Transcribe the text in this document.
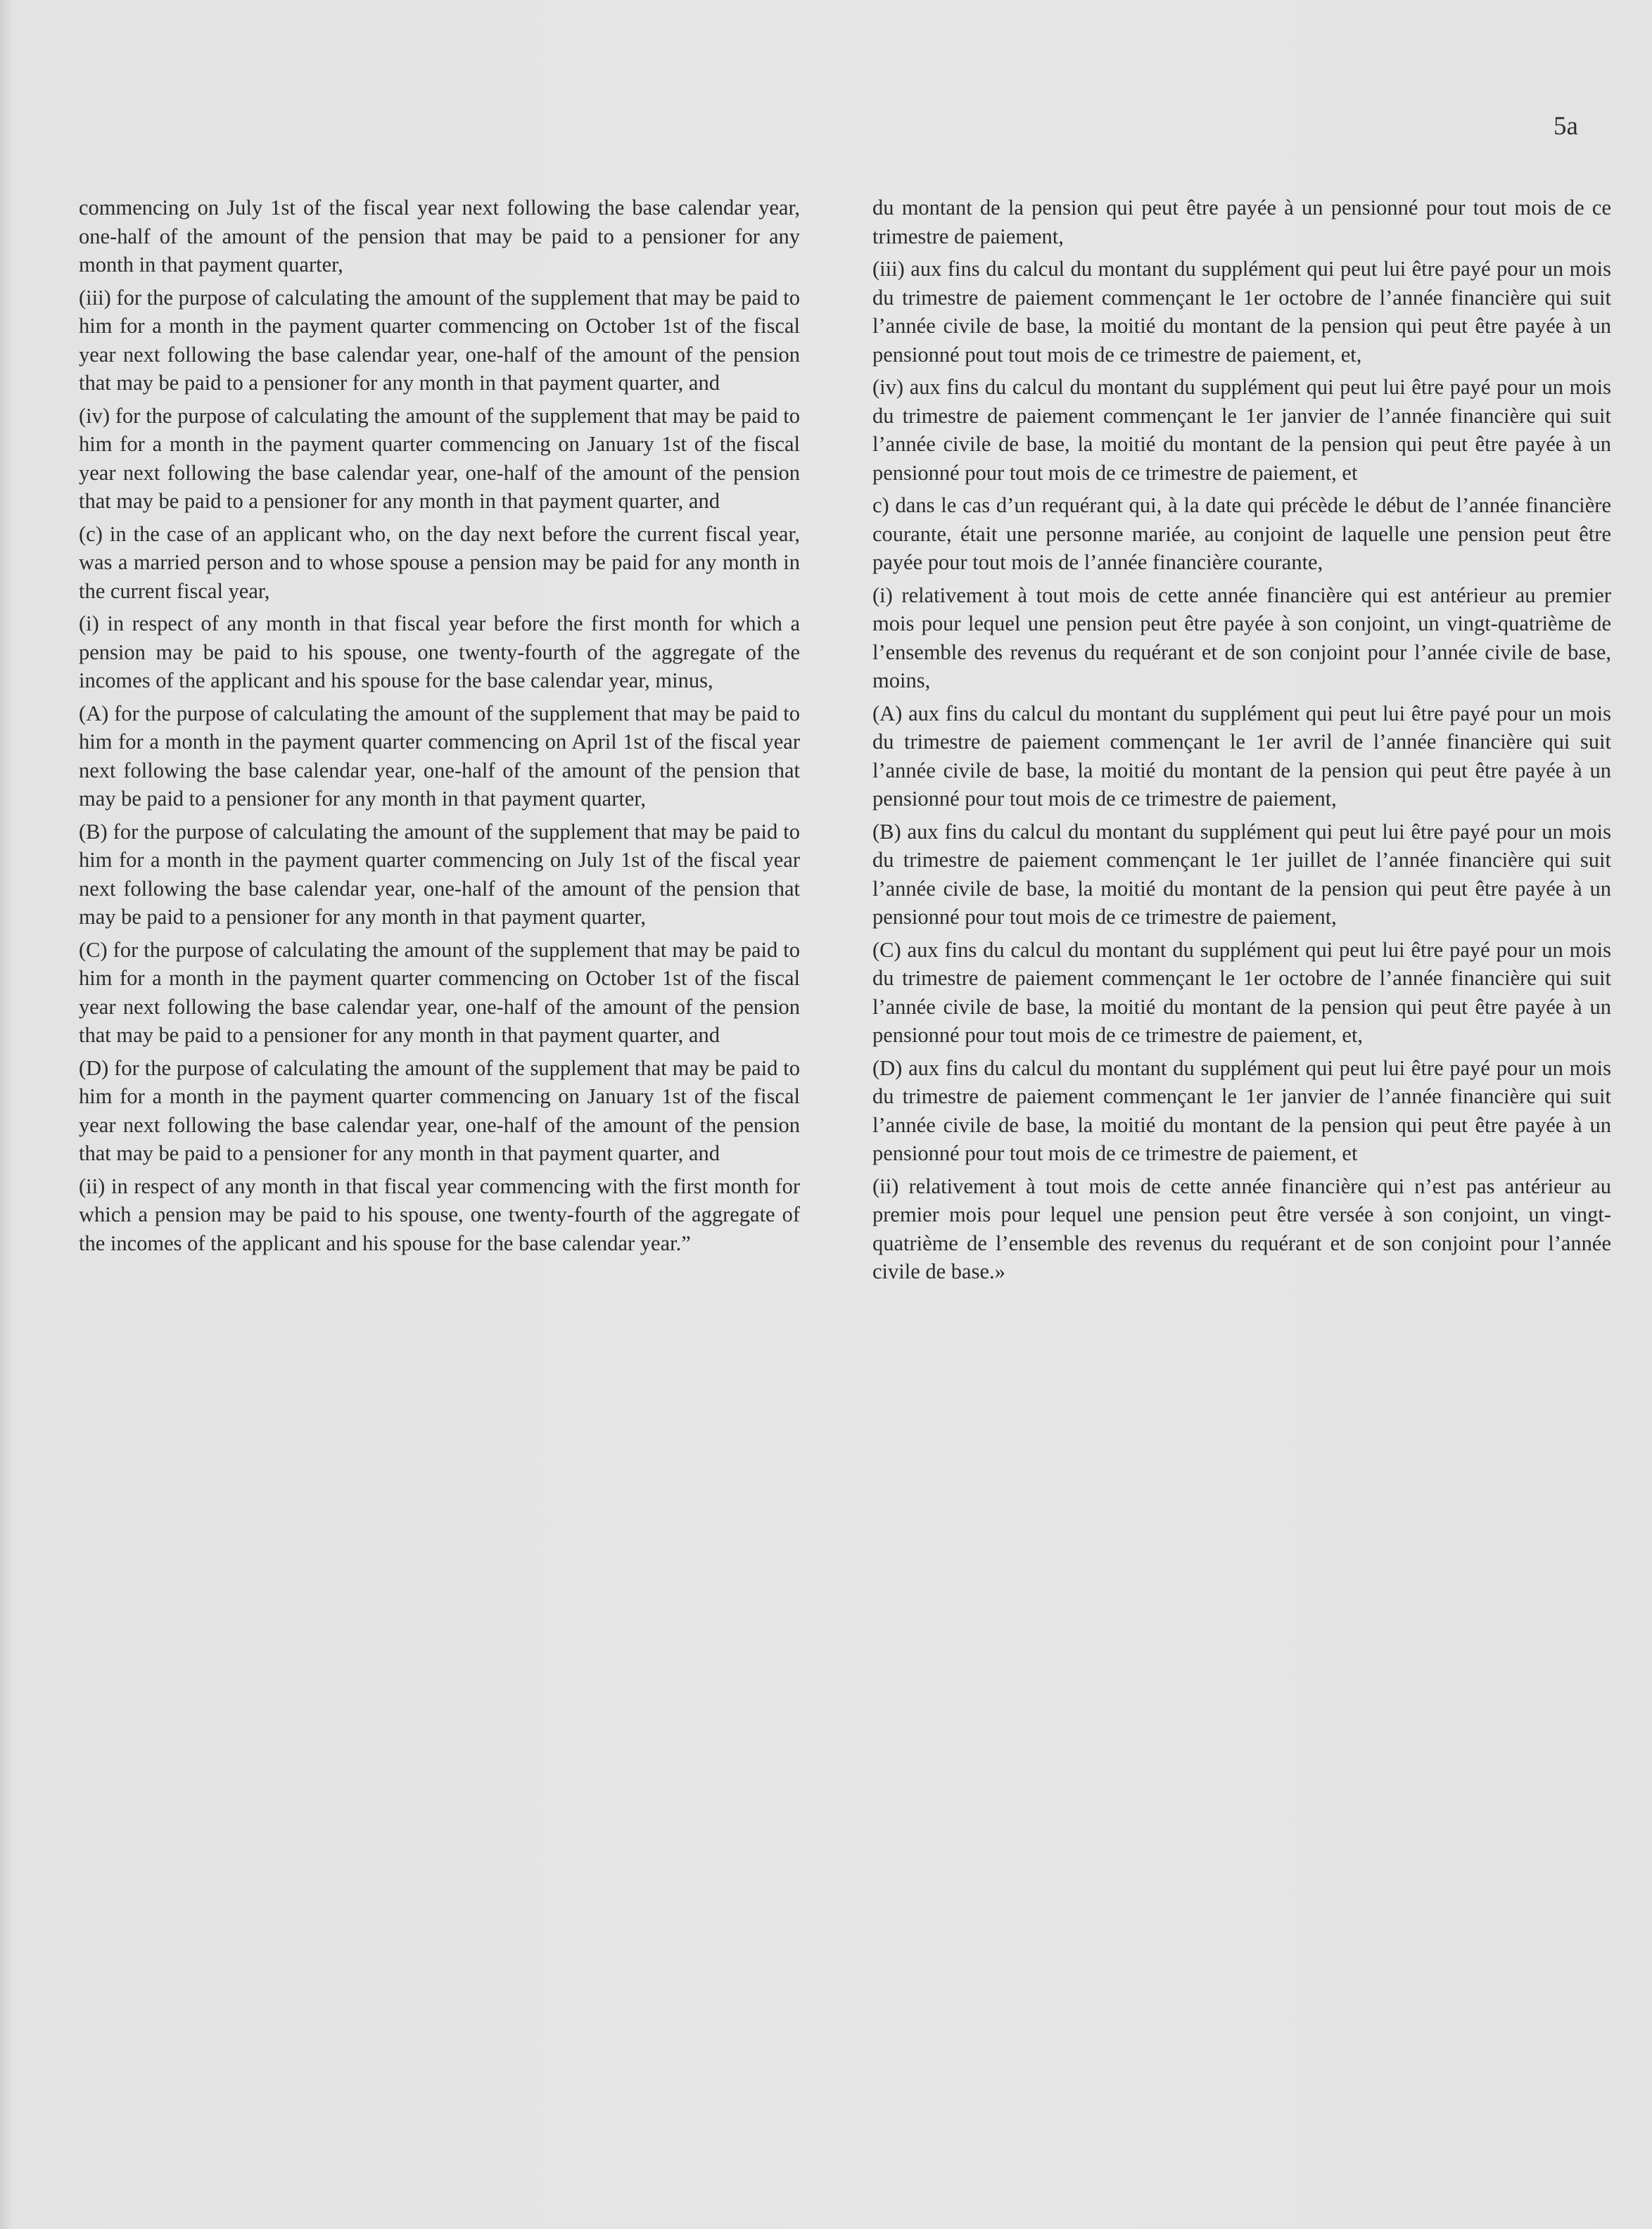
5a

commencing on July 1st of the fiscal year next following the base calendar year, one-half of the amount of the pension that may be paid to a pensioner for any month in that payment quarter,

(iii) for the purpose of calculating the amount of the supplement that may be paid to him for a month in the payment quarter commencing on October 1st of the fiscal year next following the base calendar year, one-half of the amount of the pension that may be paid to a pensioner for any month in that payment quarter, and

(iv) for the purpose of calculating the amount of the supplement that may be paid to him for a month in the payment quarter commencing on January 1st of the fiscal year next following the base calendar year, one-half of the amount of the pension that may be paid to a pensioner for any month in that payment quarter, and

(c) in the case of an applicant who, on the day next before the current fiscal year, was a married person and to whose spouse a pension may be paid for any month in the current fiscal year,

(i) in respect of any month in that fiscal year before the first month for which a pension may be paid to his spouse, one twenty-fourth of the aggregate of the incomes of the applicant and his spouse for the base calendar year, minus,

(A) for the purpose of calculating the amount of the supplement that may be paid to him for a month in the payment quarter commencing on April 1st of the fiscal year next following the base calendar year, one-half of the amount of the pension that may be paid to a pensioner for any month in that payment quarter,

(B) for the purpose of calculating the amount of the supplement that may be paid to him for a month in the payment quarter commencing on July 1st of the fiscal year next following the base calendar year, one-half of the amount of the pension that may be paid to a pensioner for any month in that payment quarter,

(C) for the purpose of calculating the amount of the supplement that may be paid to him for a month in the payment quarter commencing on October 1st of the fiscal year next following the base calendar year, one-half of the amount of the pension that may be paid to a pensioner for any month in that payment quarter, and

(D) for the purpose of calculating the amount of the supplement that may be paid to him for a month in the payment quarter commencing on January 1st of the fiscal year next following the base calendar year, one-half of the amount of the pension that may be paid to a pensioner for any month in that payment quarter, and

(ii) in respect of any month in that fiscal year commencing with the first month for which a pension may be paid to his spouse, one twenty-fourth of the aggregate of the incomes of the applicant and his spouse for the base calendar year.”

du montant de la pension qui peut être payée à un pensionné pour tout mois de ce trimestre de paiement,

(iii) aux fins du calcul du montant du supplément qui peut lui être payé pour un mois du trimestre de paiement commençant le 1er octobre de l’année financière qui suit l’année civile de base, la moitié du montant de la pension qui peut être payée à un pensionné pout tout mois de ce trimestre de paiement, et,

(iv) aux fins du calcul du montant du supplément qui peut lui être payé pour un mois du trimestre de paiement commençant le 1er janvier de l’année financière qui suit l’année civile de base, la moitié du montant de la pension qui peut être payée à un pensionné pour tout mois de ce trimestre de paiement, et

c) dans le cas d’un requérant qui, à la date qui précède le début de l’année financière courante, était une personne mariée, au conjoint de laquelle une pension peut être payée pour tout mois de l’année financière courante,

(i) relativement à tout mois de cette année financière qui est antérieur au premier mois pour lequel une pension peut être payée à son conjoint, un vingt-quatrième de l’ensemble des revenus du requérant et de son conjoint pour l’année civile de base, moins,

(A) aux fins du calcul du montant du supplément qui peut lui être payé pour un mois du trimestre de paiement commençant le 1er avril de l’année financière qui suit l’année civile de base, la moitié du montant de la pension qui peut être payée à un pensionné pour tout mois de ce trimestre de paiement,

(B) aux fins du calcul du montant du supplément qui peut lui être payé pour un mois du trimestre de paiement commençant le 1er juillet de l’année financière qui suit l’année civile de base, la moitié du montant de la pension qui peut être payée à un pensionné pour tout mois de ce trimestre de paiement,

(C) aux fins du calcul du montant du supplément qui peut lui être payé pour un mois du trimestre de paiement commençant le 1er octobre de l’année financière qui suit l’année civile de base, la moitié du montant de la pension qui peut être payée à un pensionné pour tout mois de ce trimestre de paiement, et,

(D) aux fins du calcul du montant du supplément qui peut lui être payé pour un mois du trimestre de paiement commençant le 1er janvier de l’année financière qui suit l’année civile de base, la moitié du montant de la pension qui peut être payée à un pensionné pour tout mois de ce trimestre de paiement, et

(ii) relativement à tout mois de cette année financière qui n’est pas antérieur au premier mois pour lequel une pension peut être versée à son conjoint, un vingt-quatrième de l’ensemble des revenus du requérant et de son conjoint pour l’année civile de base.»
